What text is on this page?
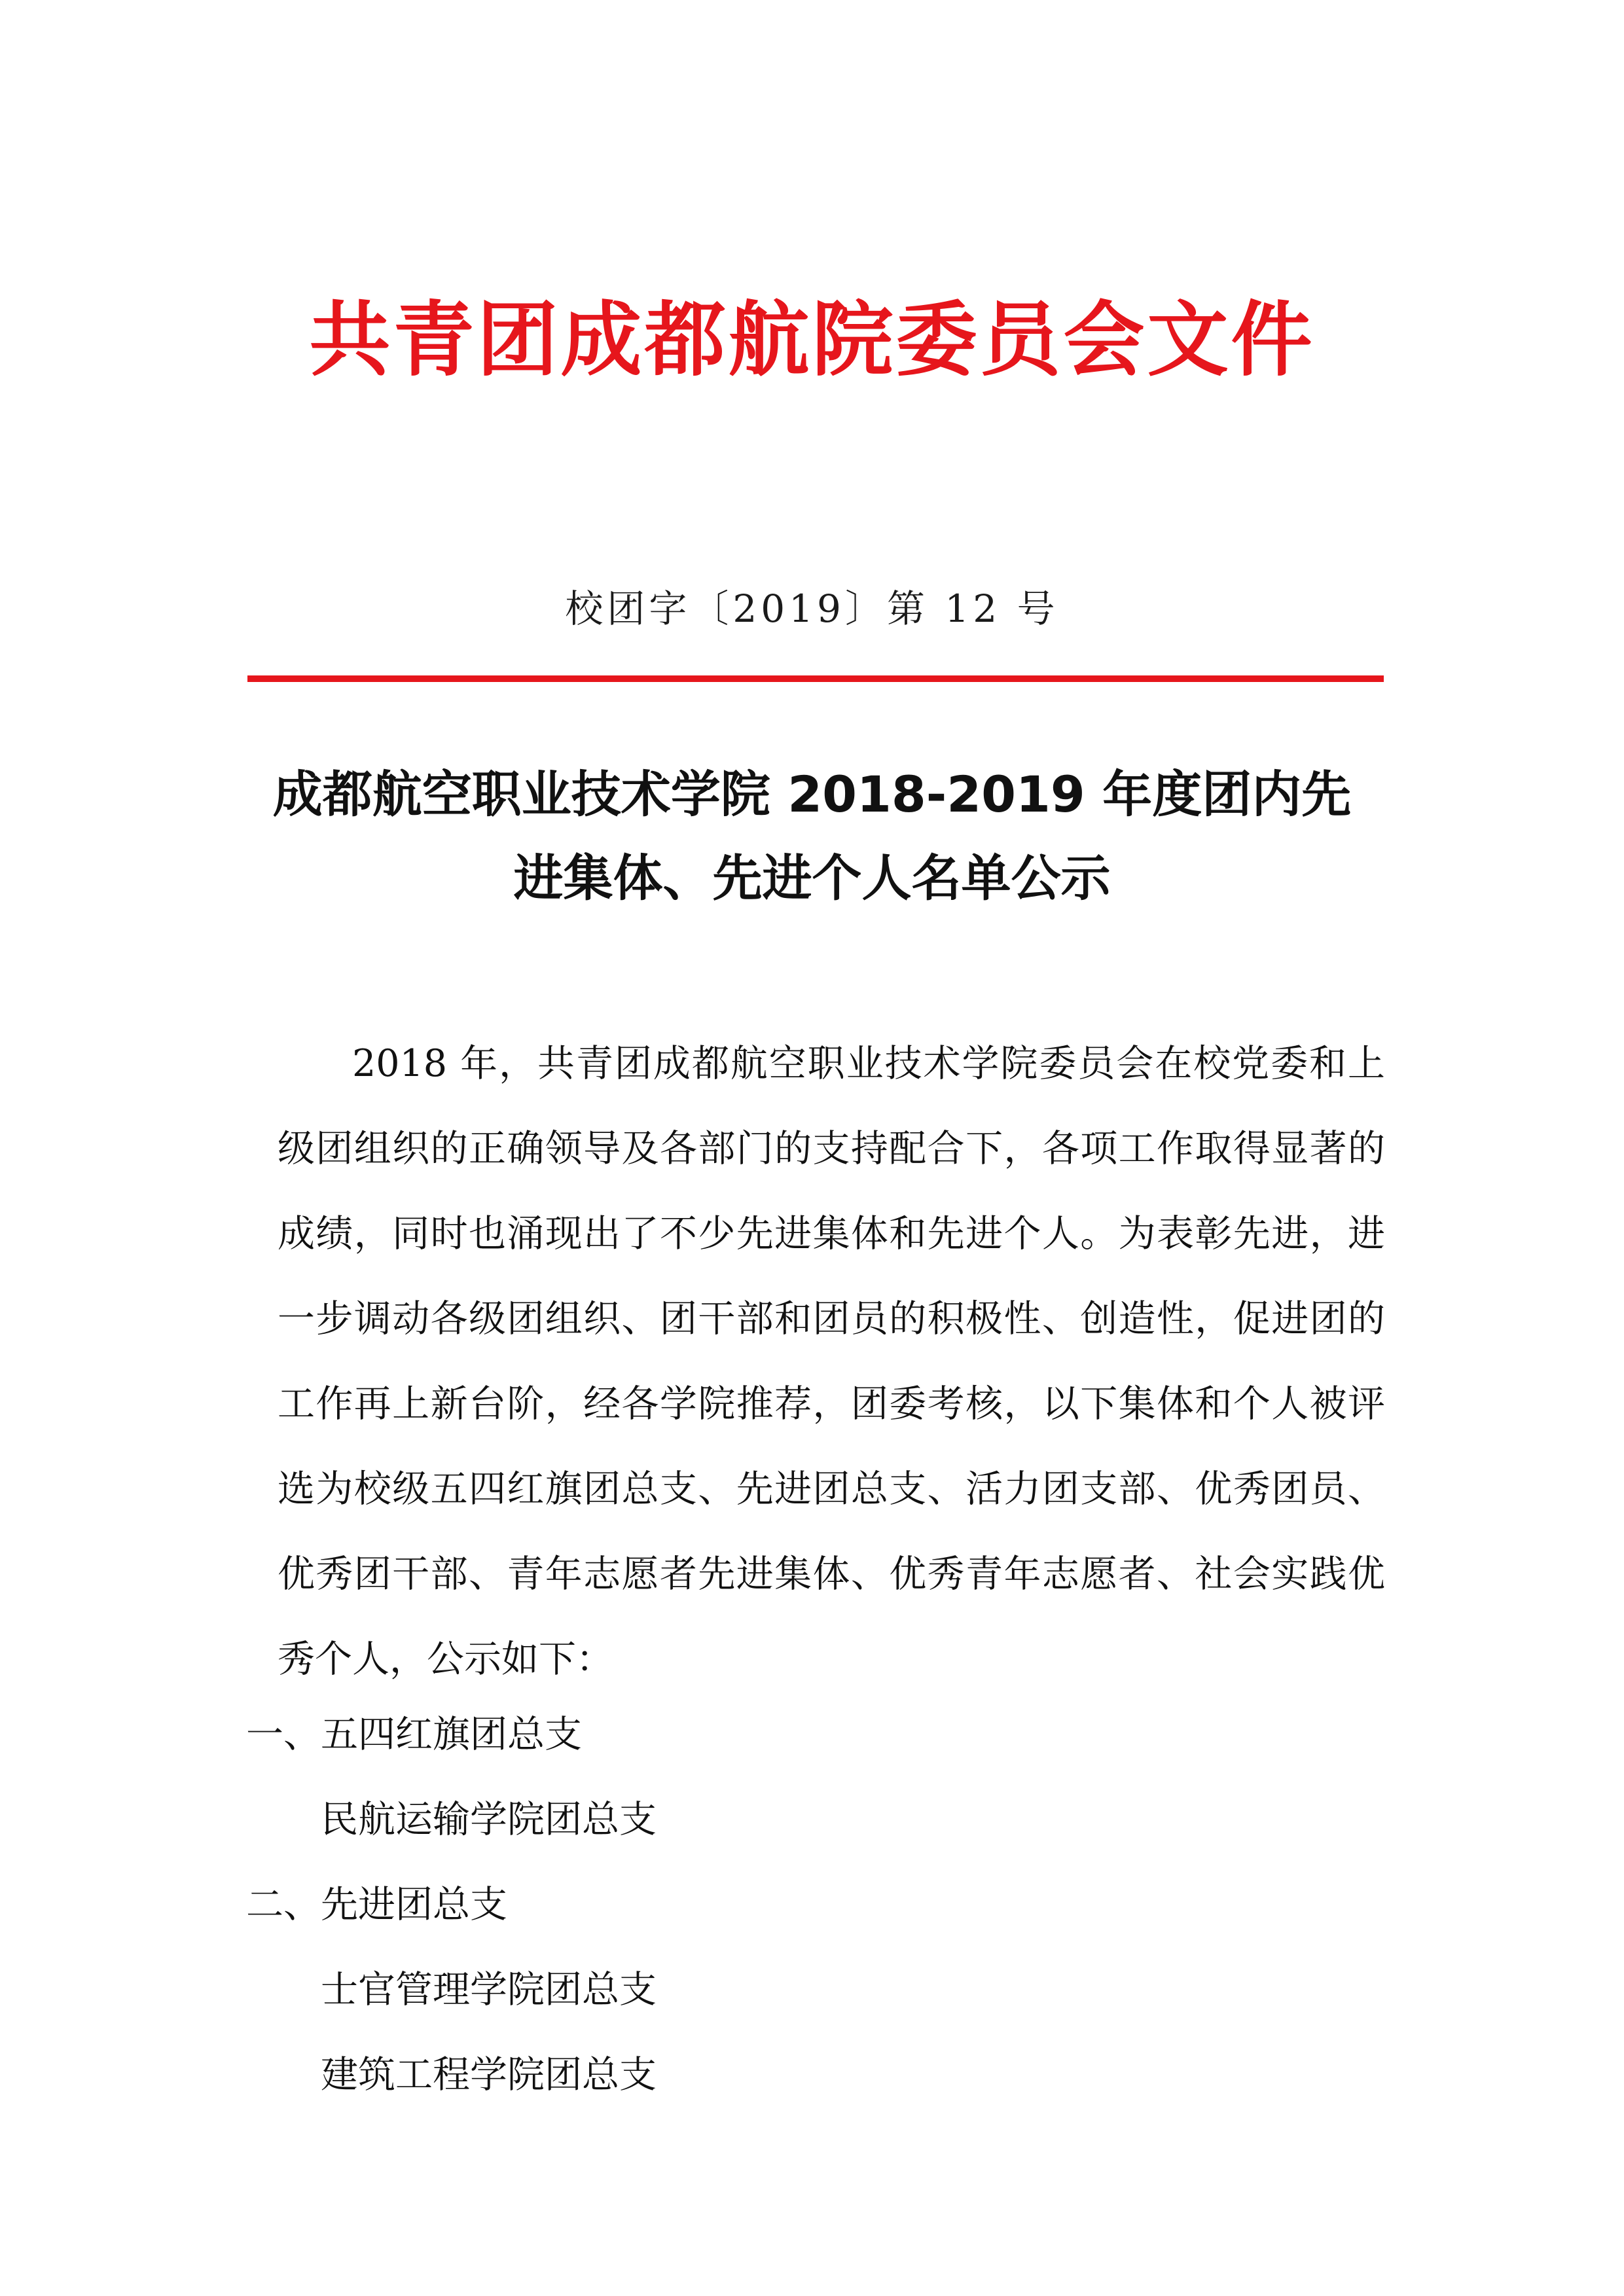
共青团成都航院委员会文件
校团字〔2019〕第 12 号
成都航空职业技术学院 2018-2019 年度团内先
进集体、先进个人名单公示

2018 年，共青团成都航空职业技术学院委员会在校党委和上级团组织的正确领导及各部门的支持配合下，各项工作取得显著的成绩，同时也涌现出了不少先进集体和先进个人。为表彰先进，进一步调动各级团组织、团干部和团员的积极性、创造性，促进团的工作再上新台阶，经各学院推荐，团委考核，以下集体和个人被评选为校级五四红旗团总支、先进团总支、活力团支部、优秀团员、优秀团干部、青年志愿者先进集体、优秀青年志愿者、社会实践优秀个人，公示如下：

一、五四红旗团总支
民航运输学院团总支
二、先进团总支
士官管理学院团总支
建筑工程学院团总支
